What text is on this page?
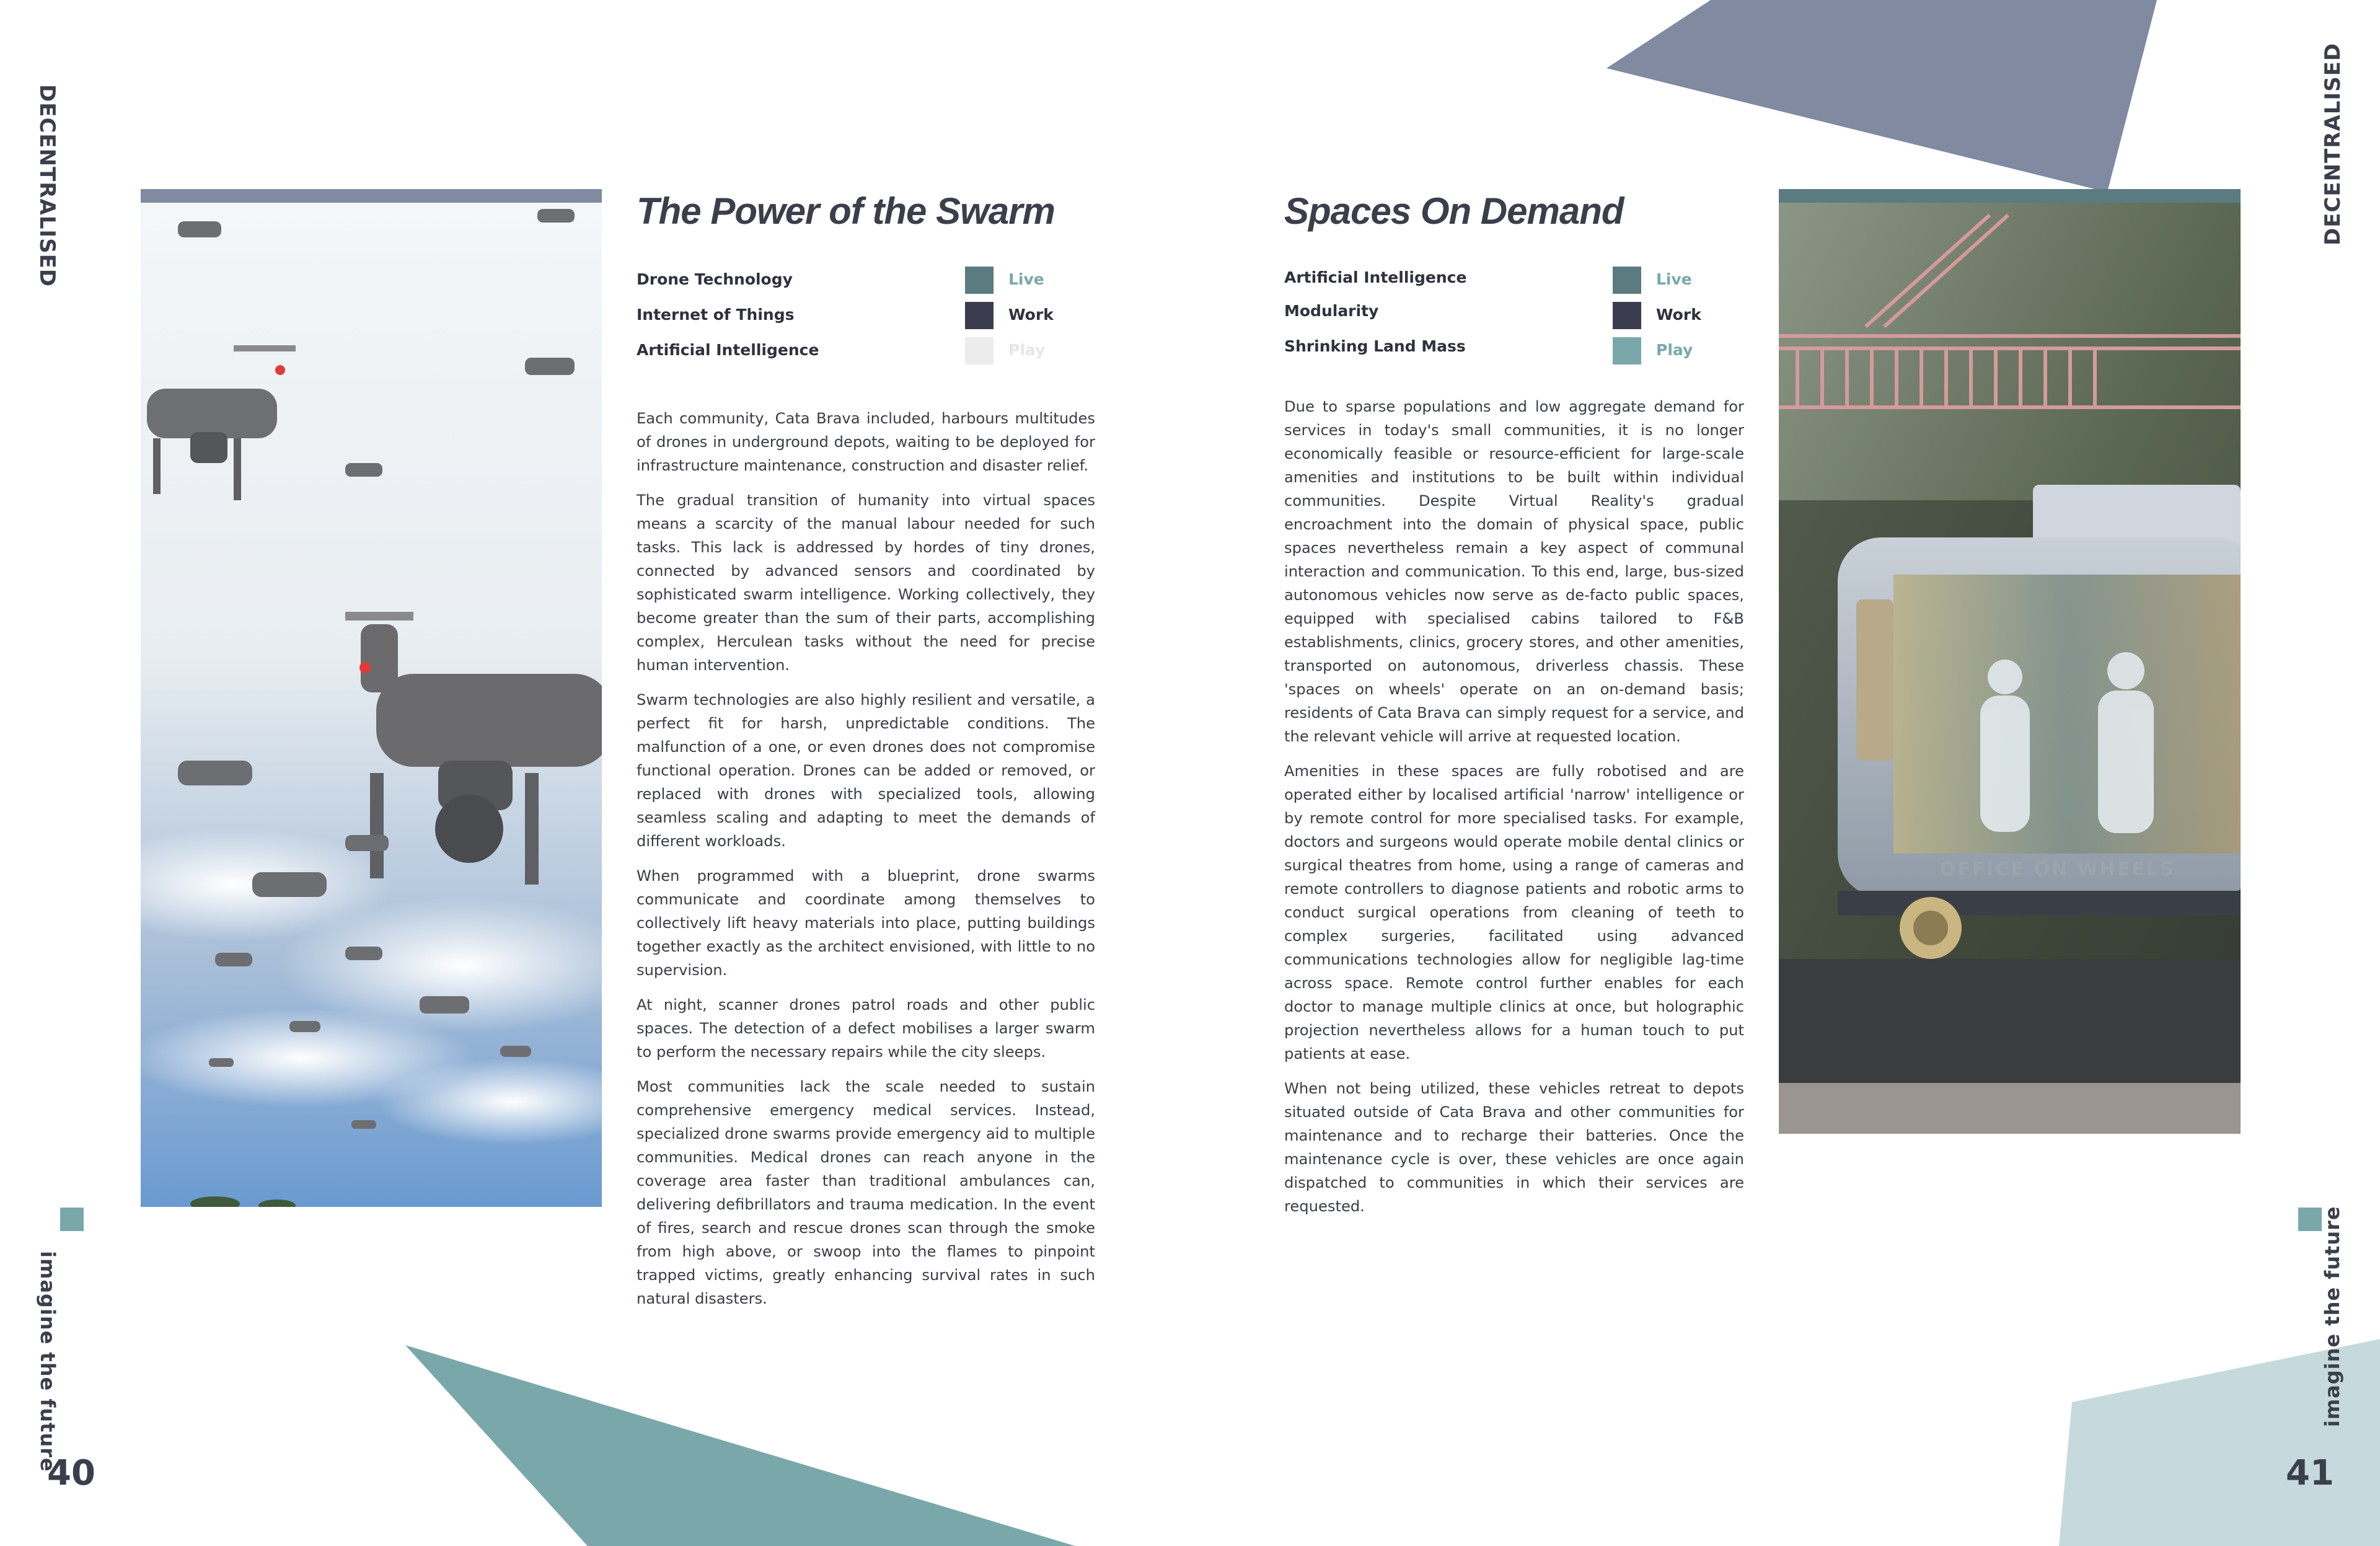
DECENTRALISED
imagine the future
40
The Power of the Swarm
Drone Technology	Live
Internet of Things	Work
Artificial Intelligence	Play

Each community, Cata Brava included, harbours multitudes of drones in underground depots, waiting to be deployed for infrastructure maintenance, construction and disaster relief.

The gradual transition of humanity into virtual spaces means a scarcity of the manual labour needed for such tasks. This lack is addressed by hordes of tiny drones, connected by advanced sensors and coordinated by sophisticated swarm intelligence. Working collectively, they become greater than the sum of their parts, accomplishing complex, Herculean tasks without the need for precise human intervention.

Swarm technologies are also highly resilient and versatile, a perfect fit for harsh, unpredictable conditions. The malfunction of a one, or even drones does not compromise functional operation. Drones can be added or removed, or replaced with drones with specialized tools, allowing seamless scaling and adapting to meet the demands of different workloads.

When programmed with a blueprint, drone swarms communicate and coordinate among themselves to collectively lift heavy materials into place, putting buildings together exactly as the architect envisioned, with little to no supervision.

At night, scanner drones patrol roads and other public spaces. The detection of a defect mobilises a larger swarm to perform the necessary repairs while the city sleeps.

Most communities lack the scale needed to sustain comprehensive emergency medical services. Instead, specialized drone swarms provide emergency aid to multiple communities. Medical drones can reach anyone in the coverage area faster than traditional ambulances can, delivering defibrillators and trauma medication. In the event of fires, search and rescue drones scan through the smoke from high above, or swoop into the flames to pinpoint trapped victims, greatly enhancing survival rates in such natural disasters.

DECENTRALISED
imagine the future
41
Spaces On Demand
Artificial Intelligence	Live
Modularity	Work
Shrinking Land Mass	Play

Due to sparse populations and low aggregate demand for services in today's small communities, it is no longer economically feasible or resource-efficient for large-scale amenities and institutions to be built within individual communities. Despite Virtual Reality's gradual encroachment into the domain of physical space, public spaces nevertheless remain a key aspect of communal interaction and communication. To this end, large, bus-sized autonomous vehicles now serve as de-facto public spaces, equipped with specialised cabins tailored to F&B establishments, clinics, grocery stores, and other amenities, transported on autonomous, driverless chassis. These 'spaces on wheels' operate on an on-demand basis; residents of Cata Brava can simply request for a service, and the relevant vehicle will arrive at requested location.

Amenities in these spaces are fully robotised and are operated either by localised artificial 'narrow' intelligence or by remote control for more specialised tasks. For example, doctors and surgeons would operate mobile dental clinics or surgical theatres from home, using a range of cameras and remote controllers to diagnose patients and robotic arms to conduct surgical operations from cleaning of teeth to complex surgeries, facilitated using advanced communications technologies allow for negligible lag-time across space. Remote control further enables for each doctor to manage multiple clinics at once, but holographic projection nevertheless allows for a human touch to put patients at ease.

When not being utilized, these vehicles retreat to depots situated outside of Cata Brava and other communities for maintenance and to recharge their batteries. Once the maintenance cycle is over, these vehicles are once again dispatched to communities in which their services are requested.

OFFICE ON WHEELS
